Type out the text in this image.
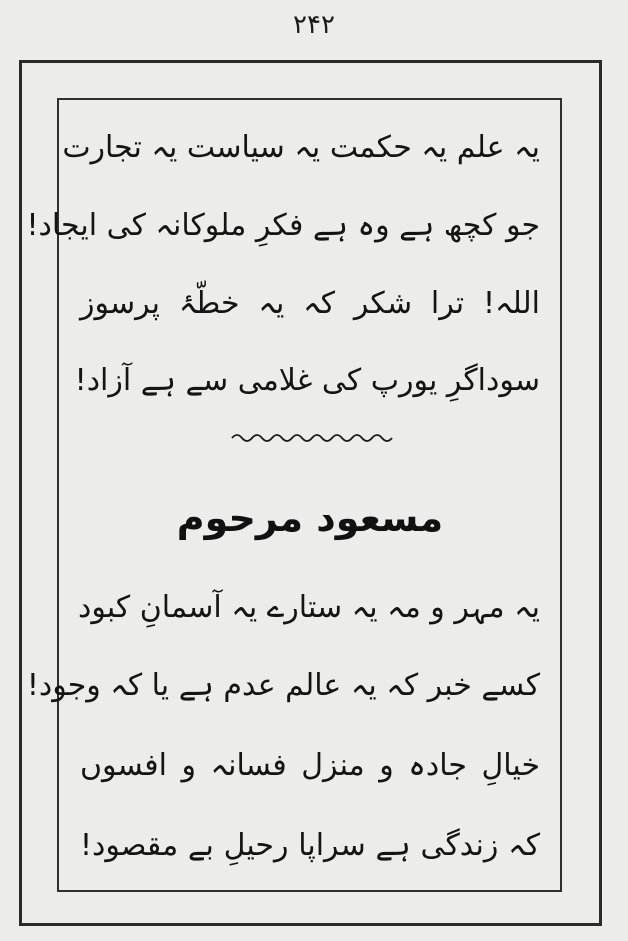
۲۴۲
یہ علم یہ حکمت یہ سیاست یہ تجارت
جو کچھ ہے وہ ہے فکرِ ملوکانہ کی ایجاد!
اللہ! ترا شکر کہ یہ خطّۂ پرسوز
سوداگرِ یورپ کی غلامی سے ہے آزاد!
مسعود مرحوم
یہ مہر و مہ یہ ستارے یہ آسمانِ کبود
کسے خبر کہ یہ عالم عدم ہے یا کہ وجود!
خیالِ جادہ و منزل فسانہ و افسوں
کہ زندگی ہے سراپا رحیلِ بے مقصود!
